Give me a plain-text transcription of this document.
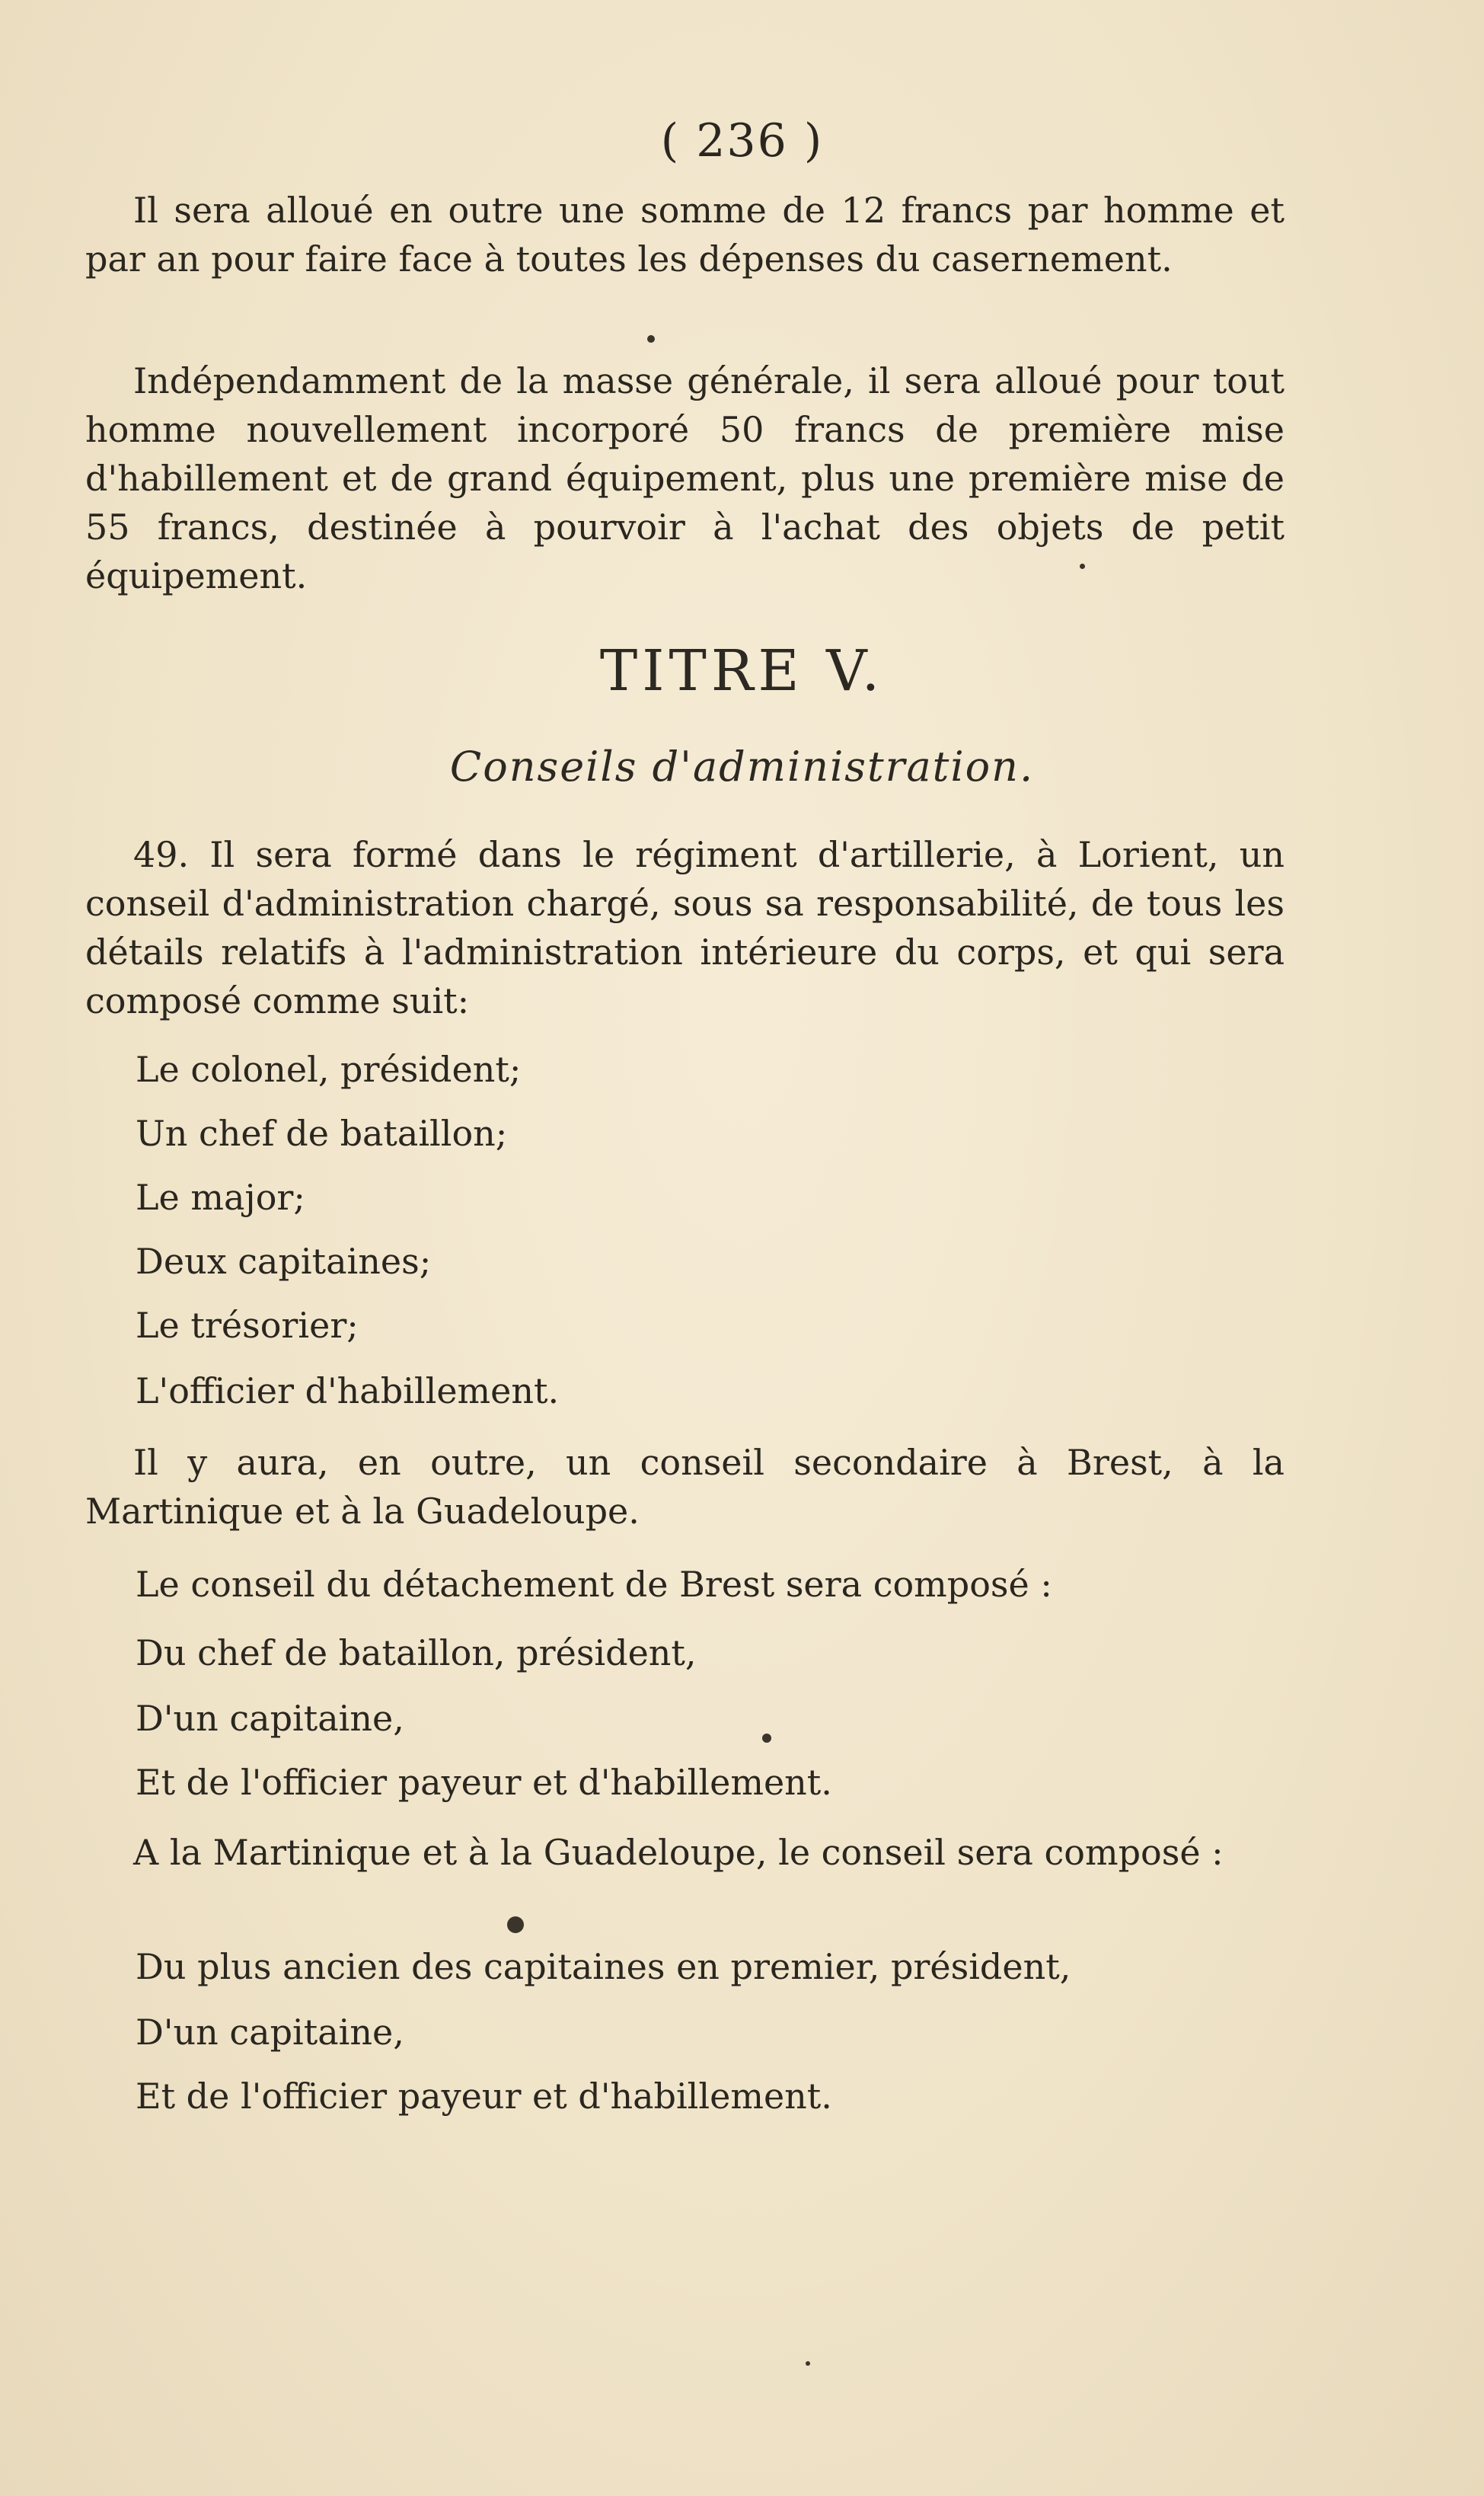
( 236 )

Il sera alloué en outre une somme de 12 francs par homme et par an pour faire face à toutes les dépenses du casernement.

Indépendamment de la masse générale, il sera alloué pour tout homme nouvellement incorporé 50 francs de première mise d'habillement et de grand équipement, plus une première mise de 55 francs, destinée à pourvoir à l'achat des objets de petit équipement.

TITRE V.
Conseils d'administration.

49. Il sera formé dans le régiment d'artillerie, à Lorient, un conseil d'administration chargé, sous sa responsabilité, de tous les détails relatifs à l'administration intérieure du corps, et qui sera composé comme suit:

Le colonel, président;
Un chef de bataillon;
Le major;
Deux capitaines;
Le trésorier;
L'officier d'habillement.

Il y aura, en outre, un conseil secondaire à Brest, à la Martinique et à la Guadeloupe.

Le conseil du détachement de Brest sera composé :
Du chef de bataillon, président,
D'un capitaine,
Et de l'officier payeur et d'habillement.

A la Martinique et à la Guadeloupe, le conseil sera composé :

Du plus ancien des capitaines en premier, président,
D'un capitaine,
Et de l'officier payeur et d'habillement.
